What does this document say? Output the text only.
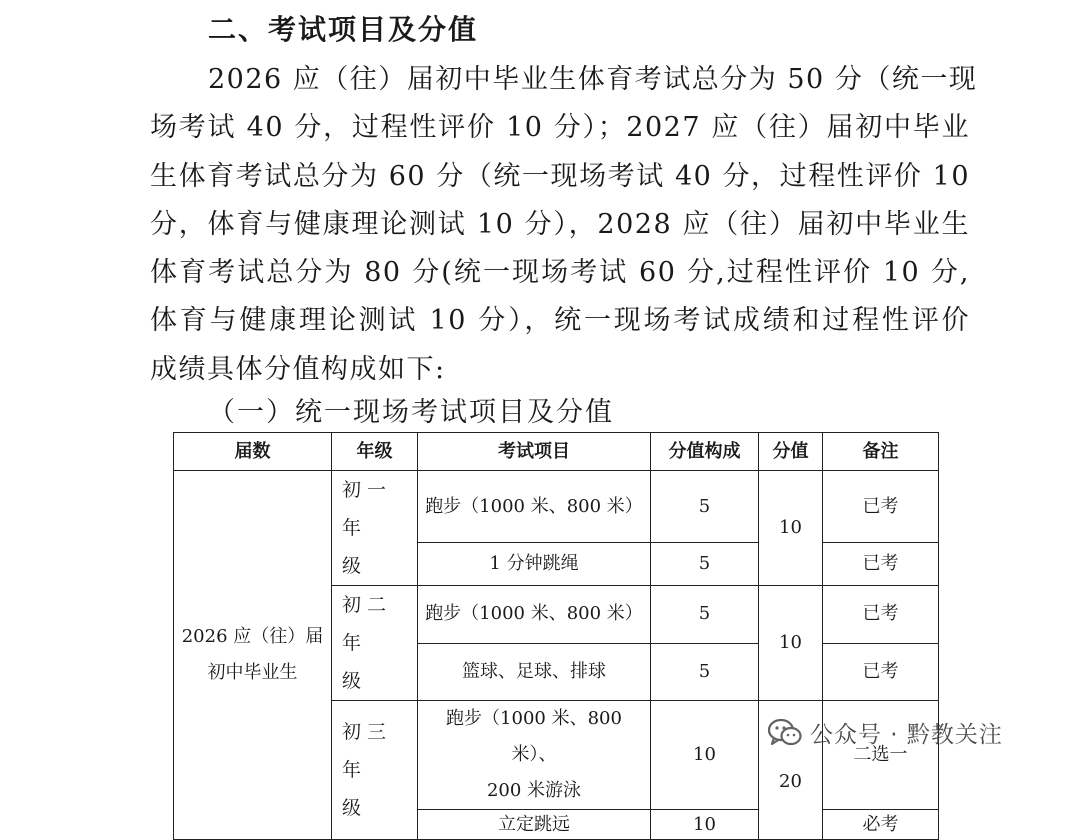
二、考试项目及分值

2026 应（往）届初中毕业生体育考试总分为 50 分（统一现
场考试 40 分，过程性评价 10 分）；2027 应（往）届初中毕业
生体育考试总分为 60 分（统一现场考试 40 分，过程性评价 10
分，体育与健康理论测试 10 分），2028 应（往）届初中毕业生
体育考试总分为 80 分(统一现场考试 60 分,过程性评价 10 分,
体育与健康理论测试 10 分），统一现场考试成绩和过程性评价
成绩具体分值构成如下:

（一）统一现场考试项目及分值
届数	年级	考试项目	分值构成	分值	备注
2026 应（往）届
初中毕业生	初一年
级	跑步（1000 米、800 米）	5	10	已考
		1 分钟跳绳	5		已考
	初二年
级	跑步（1000 米、800 米）	5	10	已考
		篮球、足球、排球	5		已考
	初三年
级	跑步（1000 米、800 米）、
200 米游泳	10	20	二选一
		立定跳远	10		必考
公众号 · 黔教关注
